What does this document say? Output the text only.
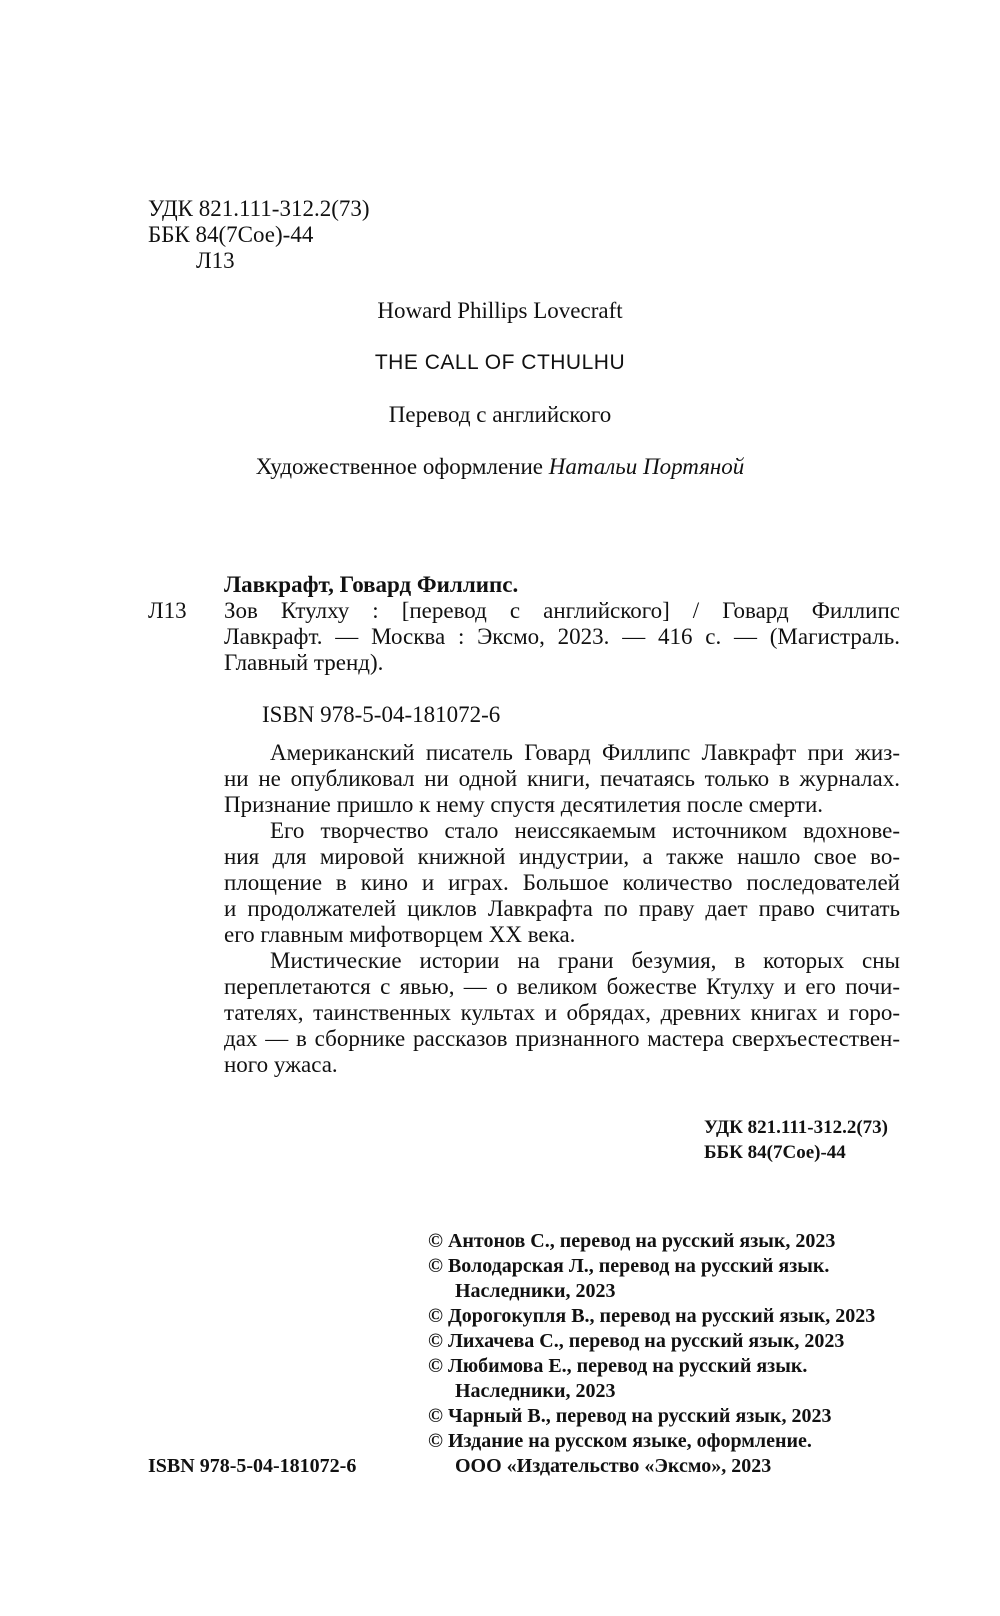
УДК 821.111-312.2(73)
ББК 84(7Сое)-44
Л13
Howard Phillips Lovecraft
THE CALL OF CTHULHU
Перевод с английского
Художественное оформление Натальи Портяной
Лавкрафт, Говард Филлипс.
Л13 Зов Ктулху : [перевод с английского] / Говард Филлипс
Лавкрафт. — Москва : Эксмо, 2023. — 416 с. — (Магистраль.
Главный тренд).
ISBN 978-5-04-181072-6
Американский писатель Говард Филлипс Лавкрафт при жиз-
ни не опубликовал ни одной книги, печатаясь только в журналах.
Признание пришло к нему спустя десятилетия после смерти.
Его творчество стало неиссякаемым источником вдохнове-
ния для мировой книжной индустрии, а также нашло свое во-
площение в кино и играх. Большое количество последователей
и продолжателей циклов Лавкрафта по праву дает право считать
его главным мифотворцем XX века.
Мистические истории на грани безумия, в которых сны
переплетаются с явью, — о великом божестве Ктулху и его почи-
тателях, таинственных культах и обрядах, древних книгах и горо-
дах — в сборнике рассказов признанного мастера сверхъестествен-
ного ужаса.
УДК 821.111-312.2(73)
ББК 84(7Сое)-44
© Антонов С., перевод на русский язык, 2023
© Володарская Л., перевод на русский язык.
Наследники, 2023
© Дорогокупля В., перевод на русский язык, 2023
© Лихачева С., перевод на русский язык, 2023
© Любимова Е., перевод на русский язык.
Наследники, 2023
© Чарный В., перевод на русский язык, 2023
© Издание на русском языке, оформление.
ООО «Издательство «Эксмо», 2023
ISBN 978-5-04-181072-6
